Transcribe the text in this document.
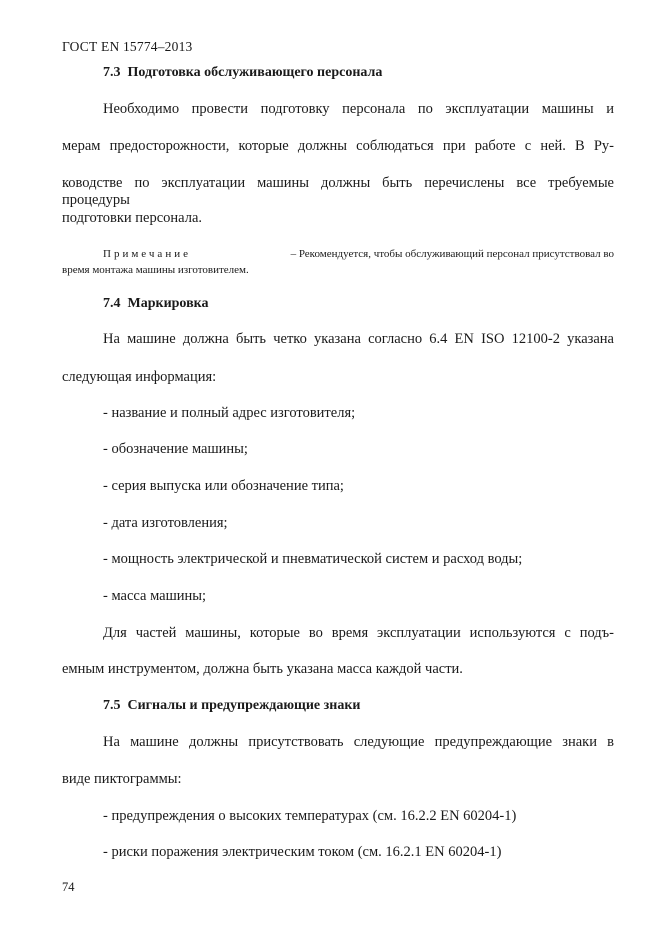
ГОСТ EN 15774–2013
7.3 Подготовка обслуживающего персонала
Необходимо провести подготовку персонала по эксплуатации машины и
мерам предосторожности, которые должны соблюдаться при работе с ней. В Ру-
ководстве по эксплуатации машины должны быть перечислены все требуемые процедуры
подготовки персонала.
Примечание	– Рекомендуется, чтобы обслуживающий персонал присутствовал во
время монтажа машины изготовителем.
7.4 Маркировка
На машине должна быть четко указана согласно 6.4 EN ISO 12100-2 указана
следующая информация:
- название и полный адрес изготовителя;
- обозначение машины;
- серия выпуска или обозначение типа;
- дата изготовления;
- мощность электрической и пневматической систем и расход воды;
- масса машины;
Для частей машины, которые во время эксплуатации используются с подъ-
емным инструментом, должна быть указана масса каждой части.
7.5 Сигналы и предупреждающие знаки
На машине должны присутствовать следующие предупреждающие знаки в
виде пиктограммы:
- предупреждения о высоких температурах (см. 16.2.2 EN 60204-1)
- риски поражения электрическим током (см. 16.2.1 EN 60204-1)
74
